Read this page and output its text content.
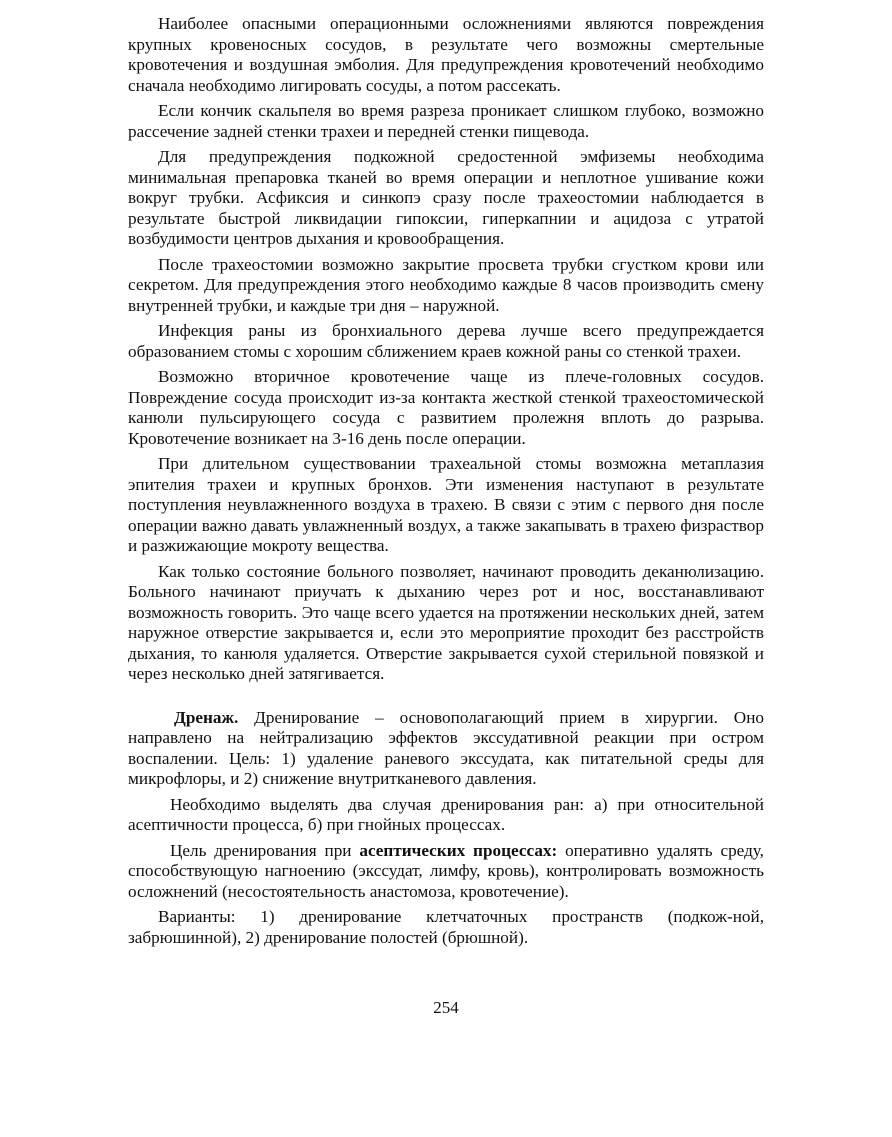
Наиболее опасными операционными осложнениями являются повреждения крупных кровеносных сосудов, в результате чего возможны смертельные кровотечения и воздушная эмболия. Для предупреждения кровотечений необходимо сначала необходимо лигировать сосуды, а потом рассекать.

Если кончик скальпеля во время разреза проникает слишком глубоко, возможно рассечение задней стенки трахеи и передней стенки пищевода.

Для предупреждения подкожной средостенной эмфиземы необходима минимальная препаровка тканей во время операции и неплотное ушивание кожи вокруг трубки. Асфиксия и синкопэ сразу после трахеостомии наблюдается в результате быстрой ликвидации гипоксии, гиперкапнии и ацидоза с утратой возбудимости центров дыхания и кровообращения.

После трахеостомии возможно закрытие просвета трубки сгустком крови или секретом. Для предупреждения этого необходимо каждые 8 часов производить смену внутренней трубки, и каждые три дня – наружной.

Инфекция раны из бронхиального дерева лучше всего предупреждается образованием стомы с хорошим сближением краев кожной раны со стенкой трахеи.

Возможно вторичное кровотечение чаще из плече-головных сосудов. Повреждение сосуда происходит из-за контакта жесткой стенкой трахеостомической канюли пульсирующего сосуда с развитием пролежня вплоть до разрыва. Кровотечение возникает на 3-16 день после операции.

При длительном существовании трахеальной стомы возможна метаплазия эпителия трахеи и крупных бронхов. Эти изменения наступают в результате поступления неувлажненного воздуха в трахею. В связи с этим с первого дня после операции важно давать увлажненный воздух, а также закапывать в трахею физраствор и разжижающие мокроту вещества.

Как только состояние больного позволяет, начинают проводить деканюлизацию. Больного начинают приучать к дыханию через рот и нос, восстанавливают возможность говорить. Это чаще всего удается на протяжении нескольких дней, затем наружное отверстие закрывается и, если это мероприятие проходит без расстройств дыхания, то канюля удаляется. Отверстие закрывается сухой стерильной повязкой и через несколько дней затягивается.

Дренаж. Дренирование – основополагающий прием в хирургии. Оно направлено на нейтрализацию эффектов экссудативной реакции при остром воспалении. Цель: 1) удаление раневого экссудата, как питательной среды для микрофлоры, и 2) снижение внутритканевого давления.

Необходимо выделять два случая дренирования ран: а) при относительной асептичности процесса, б) при гнойных процессах.

Цель дренирования при асептических процессах: оперативно удалять среду, способствующую нагноению (экссудат, лимфу, кровь), контролировать возможность осложнений (несостоятельность анастомоза, кровотечение).

Варианты: 1) дренирование клетчаточных пространств (подкож-ной, забрюшинной), 2) дренирование полостей (брюшной).

254
